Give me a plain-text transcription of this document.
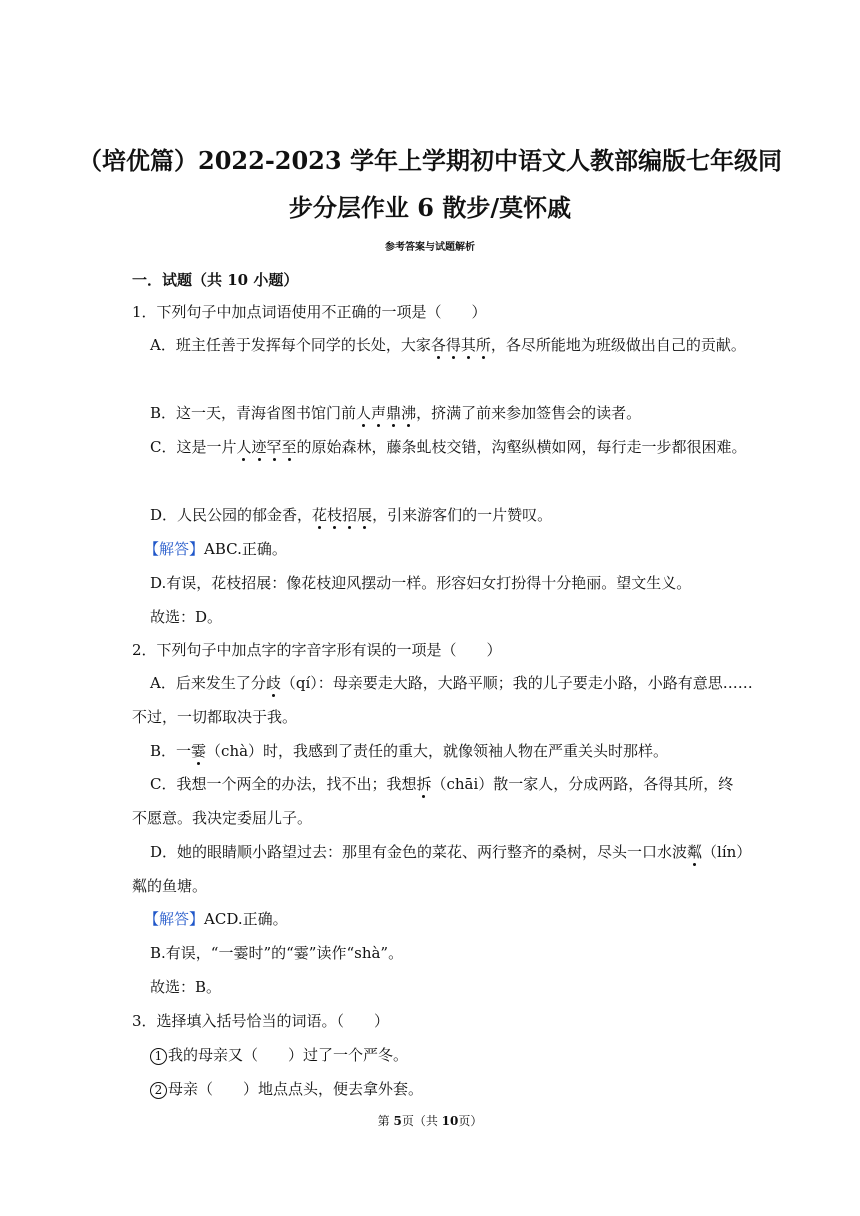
（培优篇）2022-2023 学年上学期初中语文人教部编版七年级同
步分层作业 6 散步/莫怀戚
参考答案与试题解析
一．试题（共 10 小题）
1．下列句子中加点词语使用不正确的一项是（　　）
A．班主任善于发挥每个同学的长处，大家各得其所，各尽所能地为班级做出自己的贡献。
B．这一天，青海省图书馆门前人声鼎沸，挤满了前来参加签售会的读者。
C．这是一片人迹罕至的原始森林，藤条虬枝交错，沟壑纵横如网，每行走一步都很困难。
D．人民公园的郁金香，花枝招展，引来游客们的一片赞叹。
【解答】ABC.正确。
D.有误，花枝招展：像花枝迎风摆动一样。形容妇女打扮得十分艳丽。望文生义。
故选：D。
2．下列句子中加点字的字音字形有误的一项是（　　）
A．后来发生了分歧（qí）：母亲要走大路，大路平顺；我的儿子要走小路，小路有意思……
不过，一切都取决于我。
B．一霎（chà）时，我感到了责任的重大，就像领袖人物在严重关头时那样。
C．我想一个两全的办法，找不出；我想拆（chāi）散一家人，分成两路，各得其所，终
不愿意。我决定委屈儿子。
D．她的眼睛顺小路望过去：那里有金色的菜花、两行整齐的桑树，尽头一口水波粼（lín）
粼的鱼塘。
【解答】ACD.正确。
B.有误，“一霎时”的“霎”读作“shà”。
故选：B。
3．选择填入括号恰当的词语。（　　）
1 我的母亲又（　　）过了一个严冬。
2 母亲（　　）地点点头，便去拿外套。
第 5页（共 10页）
